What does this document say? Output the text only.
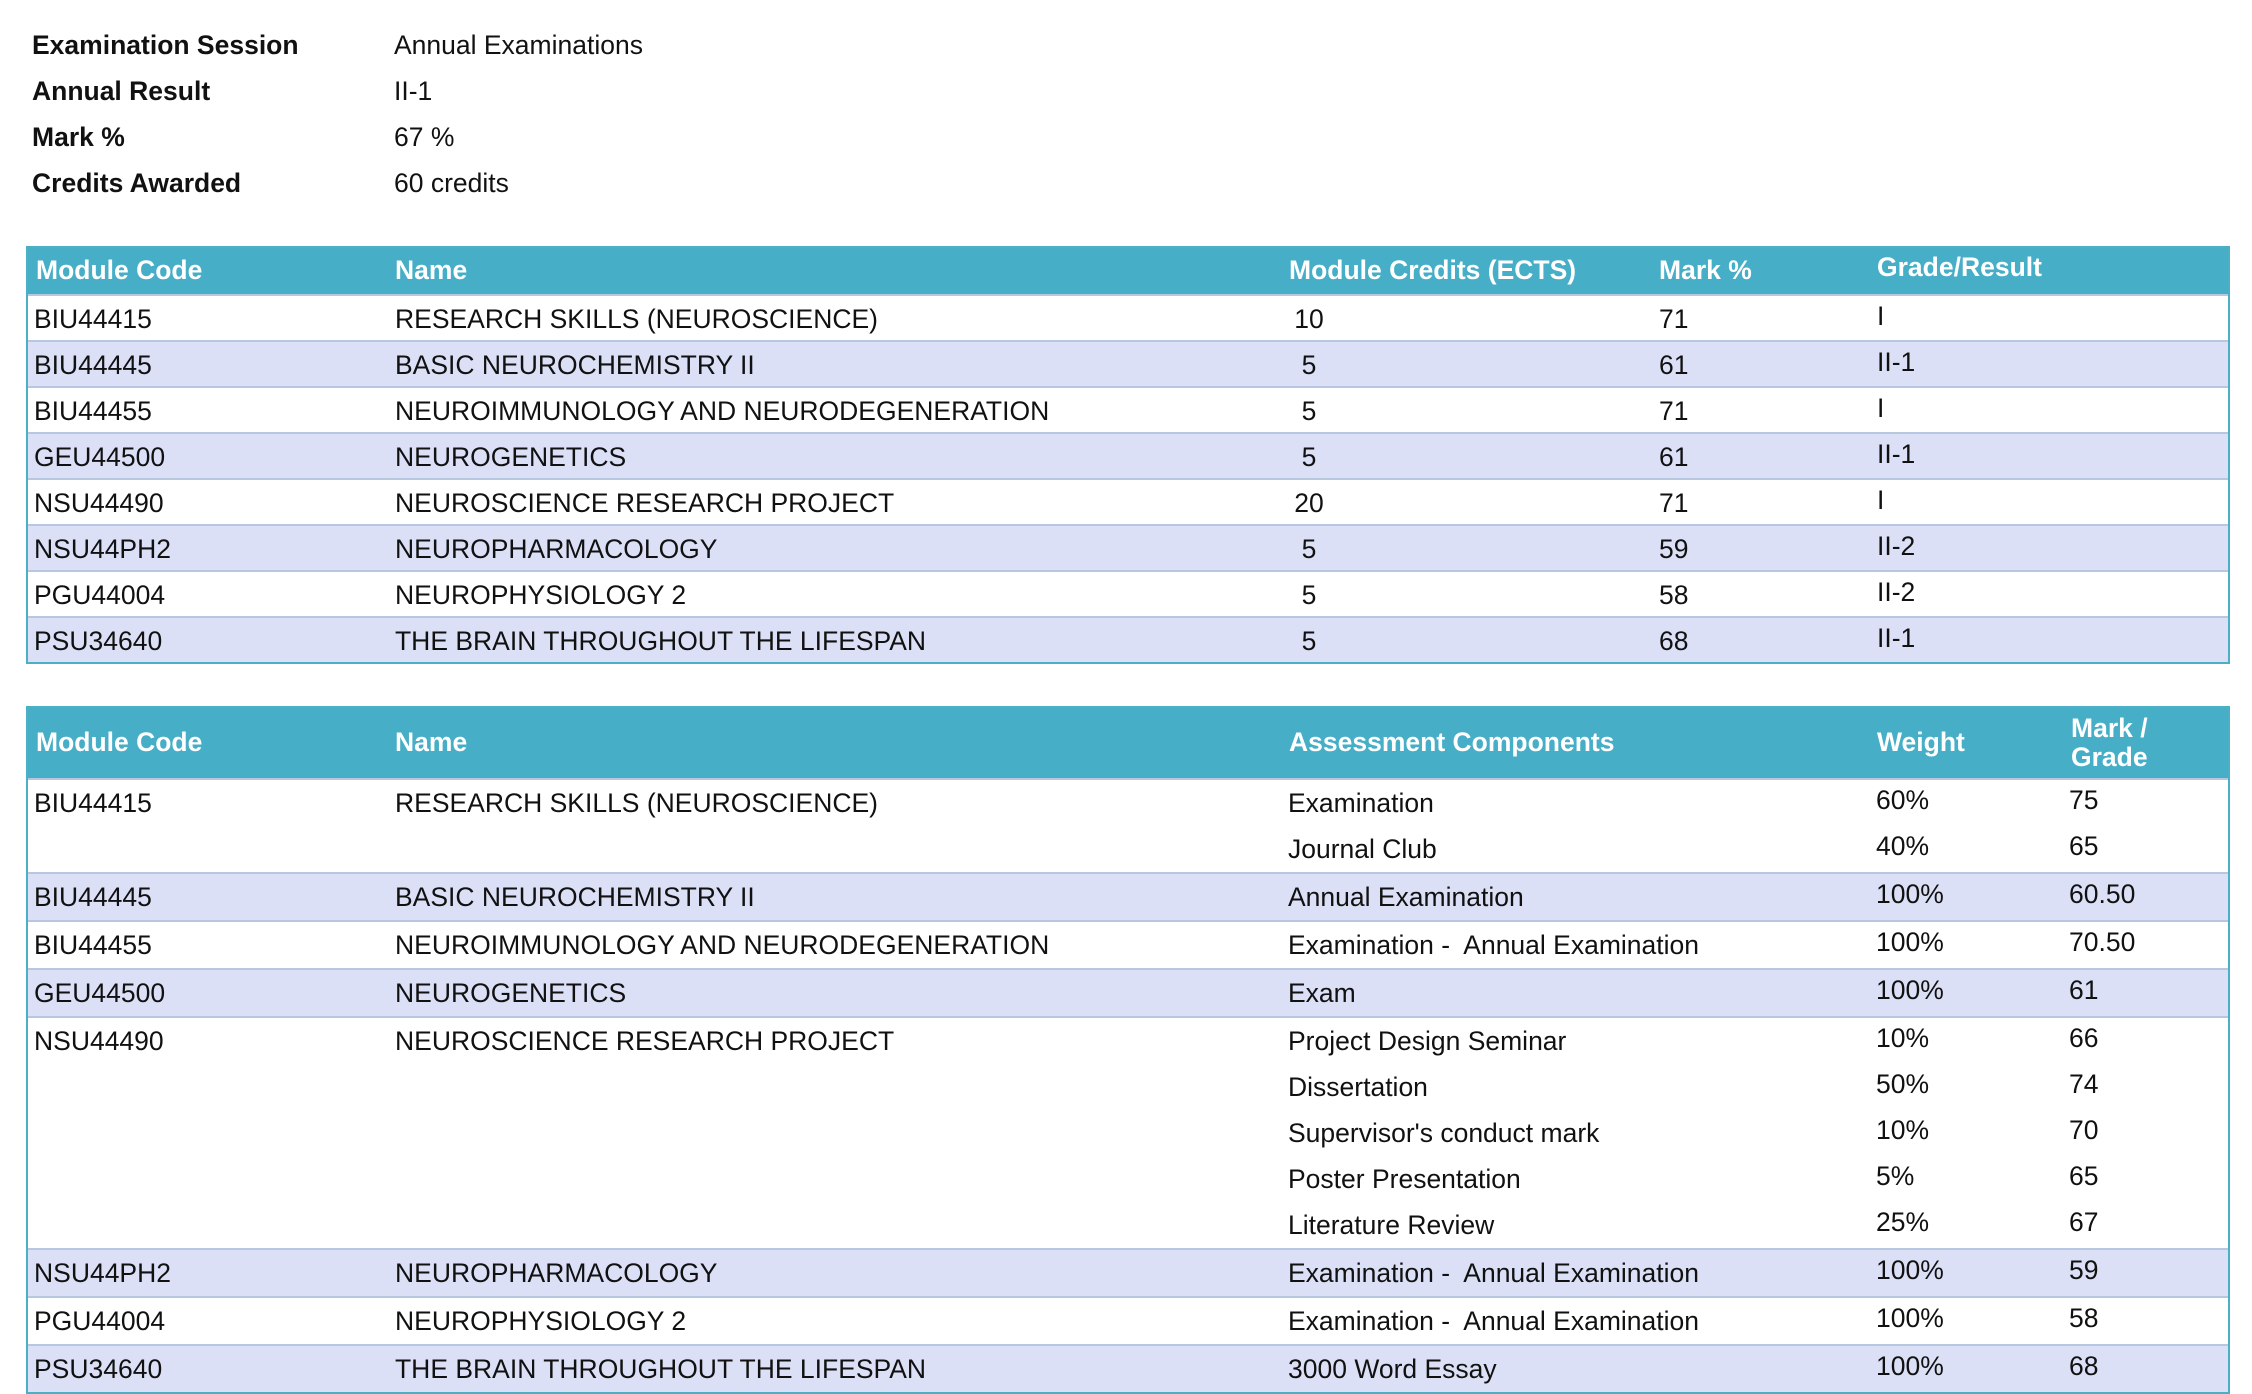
Examination Session	Annual Examinations
Annual Result	II-1
Mark %	67 %
Credits Awarded	60 credits
Module Code	Name	Module Credits (ECTS)	Mark %	Grade/Result
BIU44415	RESEARCH SKILLS (NEUROSCIENCE)	10	71	I
BIU44445	BASIC NEUROCHEMISTRY II	5	61	II-1
BIU44455	NEUROIMMUNOLOGY AND NEURODEGENERATION	5	71	I
GEU44500	NEUROGENETICS	5	61	II-1
NSU44490	NEUROSCIENCE RESEARCH PROJECT	20	71	I
NSU44PH2	NEUROPHARMACOLOGY	5	59	II-2
PGU44004	NEUROPHYSIOLOGY 2	5	58	II-2
PSU34640	THE BRAIN THROUGHOUT THE LIFESPAN	5	68	II-1
Module Code	Name	Assessment Components	Weight	Mark /
Grade
BIU44415	RESEARCH SKILLS (NEUROSCIENCE)	Examination	60%	75
Journal Club	40%	65
BIU44445	BASIC NEUROCHEMISTRY II	Annual Examination	100%	60.50
BIU44455	NEUROIMMUNOLOGY AND NEURODEGENERATION	Examination -  Annual Examination	100%	70.50
GEU44500	NEUROGENETICS	Exam	100%	61
NSU44490	NEUROSCIENCE RESEARCH PROJECT	Project Design Seminar	10%	66
Dissertation	50%	74
Supervisor's conduct mark	10%	70
Poster Presentation	5%	65
Literature Review	25%	67
NSU44PH2	NEUROPHARMACOLOGY	Examination -  Annual Examination	100%	59
PGU44004	NEUROPHYSIOLOGY 2	Examination -  Annual Examination	100%	58
PSU34640	THE BRAIN THROUGHOUT THE LIFESPAN	3000 Word Essay	100%	68
